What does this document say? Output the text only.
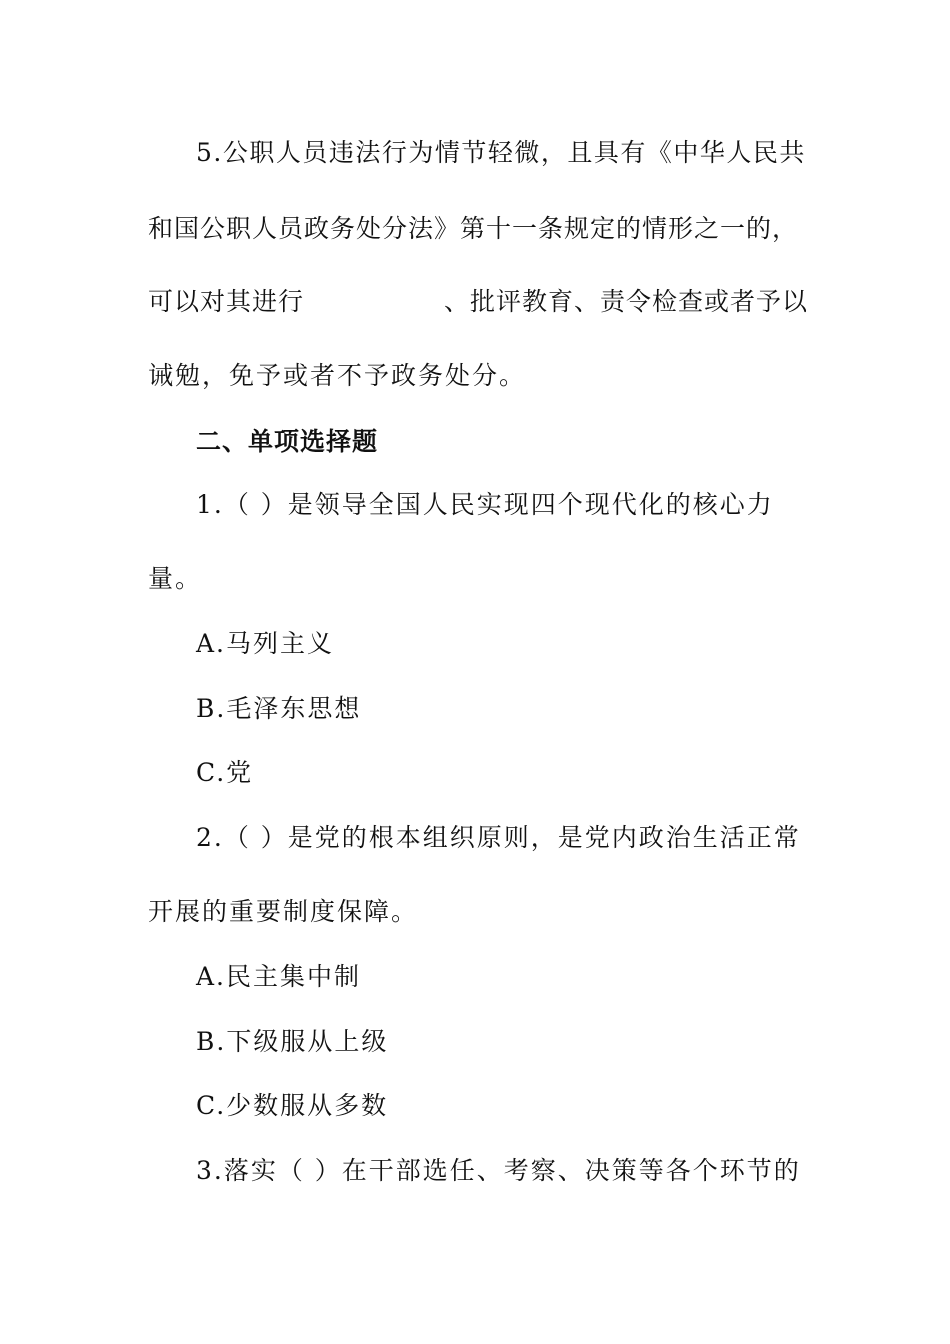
5.公职人员违法行为情节轻微，且具有《中华人民共
和国公职人员政务处分法》第十一条规定的情形之一的，
可以对其进行	、批评教育、责令检查或者予以
诫勉，免予或者不予政务处分。
二、单项选择题
1.（ ）是领导全国人民实现四个现代化的核心力
量。
A.马列主义
B.毛泽东思想
C.党
2.（ ）是党的根本组织原则，是党内政治生活正常
开展的重要制度保障。
A.民主集中制
B.下级服从上级
C.少数服从多数
3.落实（ ）在干部选任、考察、决策等各个环节的
